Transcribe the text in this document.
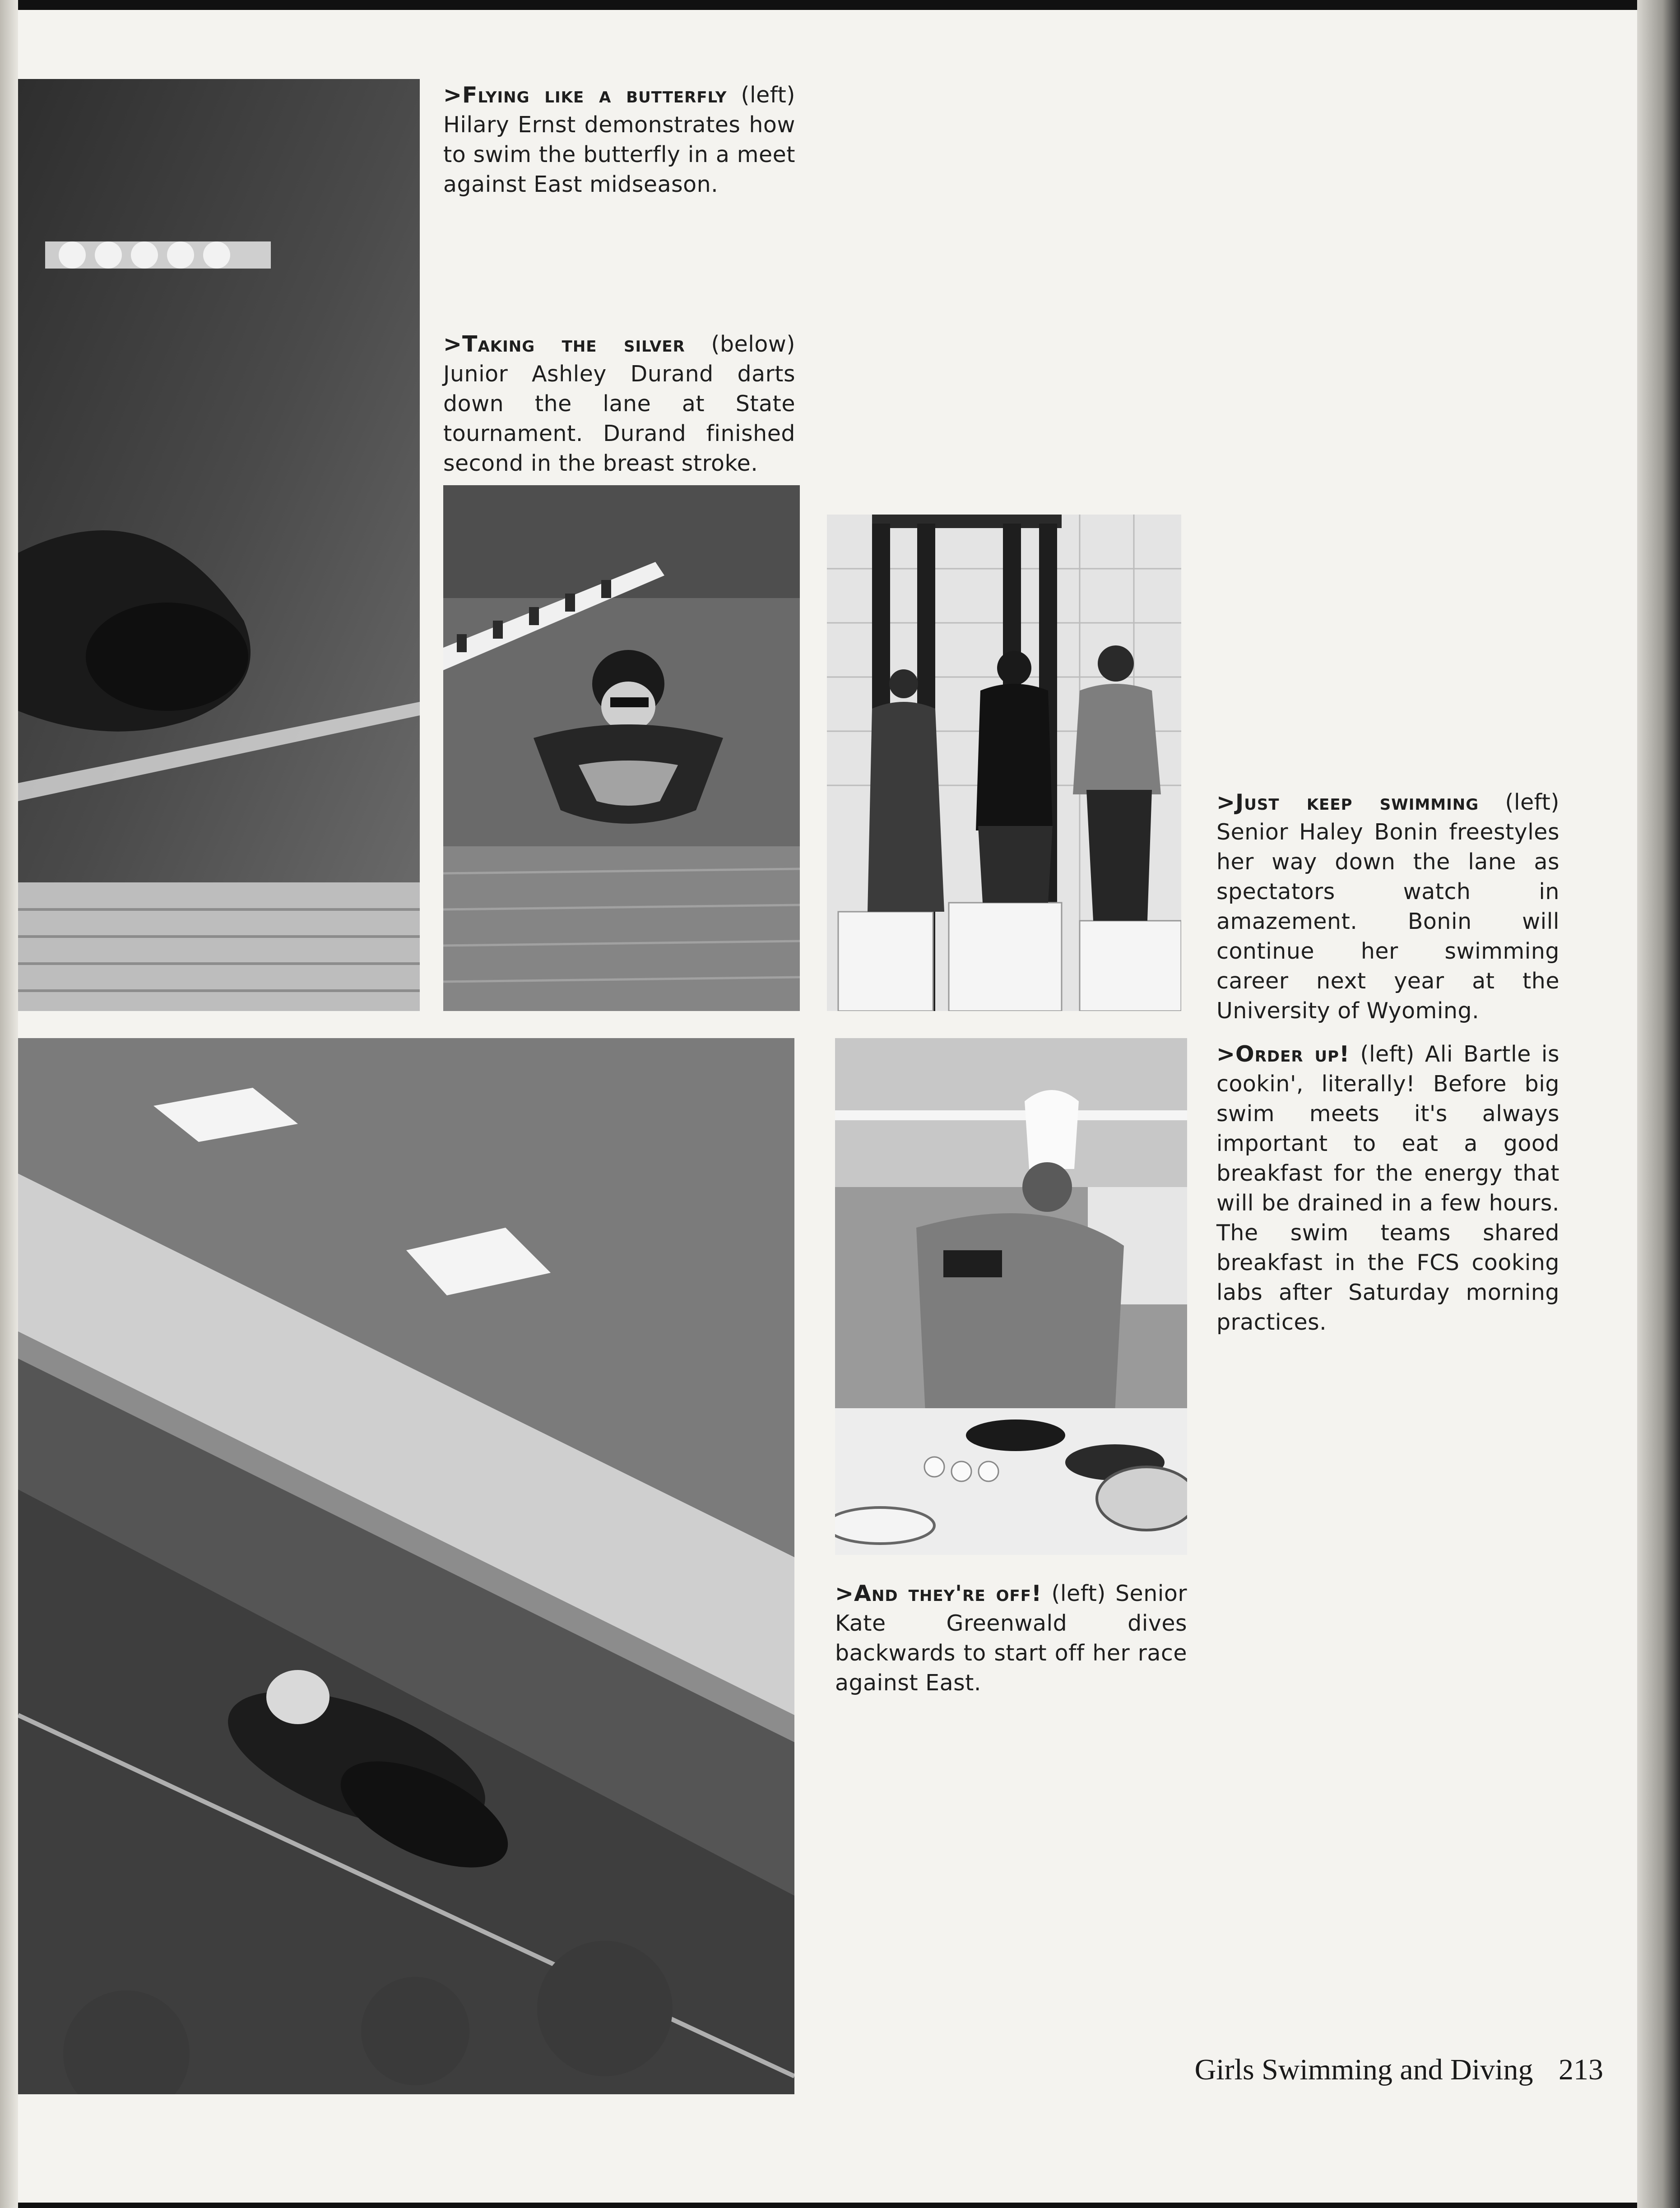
>Flying like a butterfly (left) Hilary Ernst demonstrates how to swim the butterfly in a meet against East midseason.
>Taking the silver (below) Junior Ashley Durand darts down the lane at State tournament. Durand finished second in the breast stroke.
>Just keep swimming (left) Senior Haley Bonin freestyles her way down the lane as spectators watch in amazement. Bonin will continue her swimming career next year at the University of Wyoming.
>Order up! (left) Ali Bartle is cookin', literally! Before big swim meets it's always important to eat a good breakfast for the energy that will be drained in a few hours. The swim teams shared breakfast in the FCS cooking labs after Saturday morning practices.
>And they're off! (left) Senior Kate Greenwald dives backwards to start off her race against East.
Girls Swimming and Diving 213
